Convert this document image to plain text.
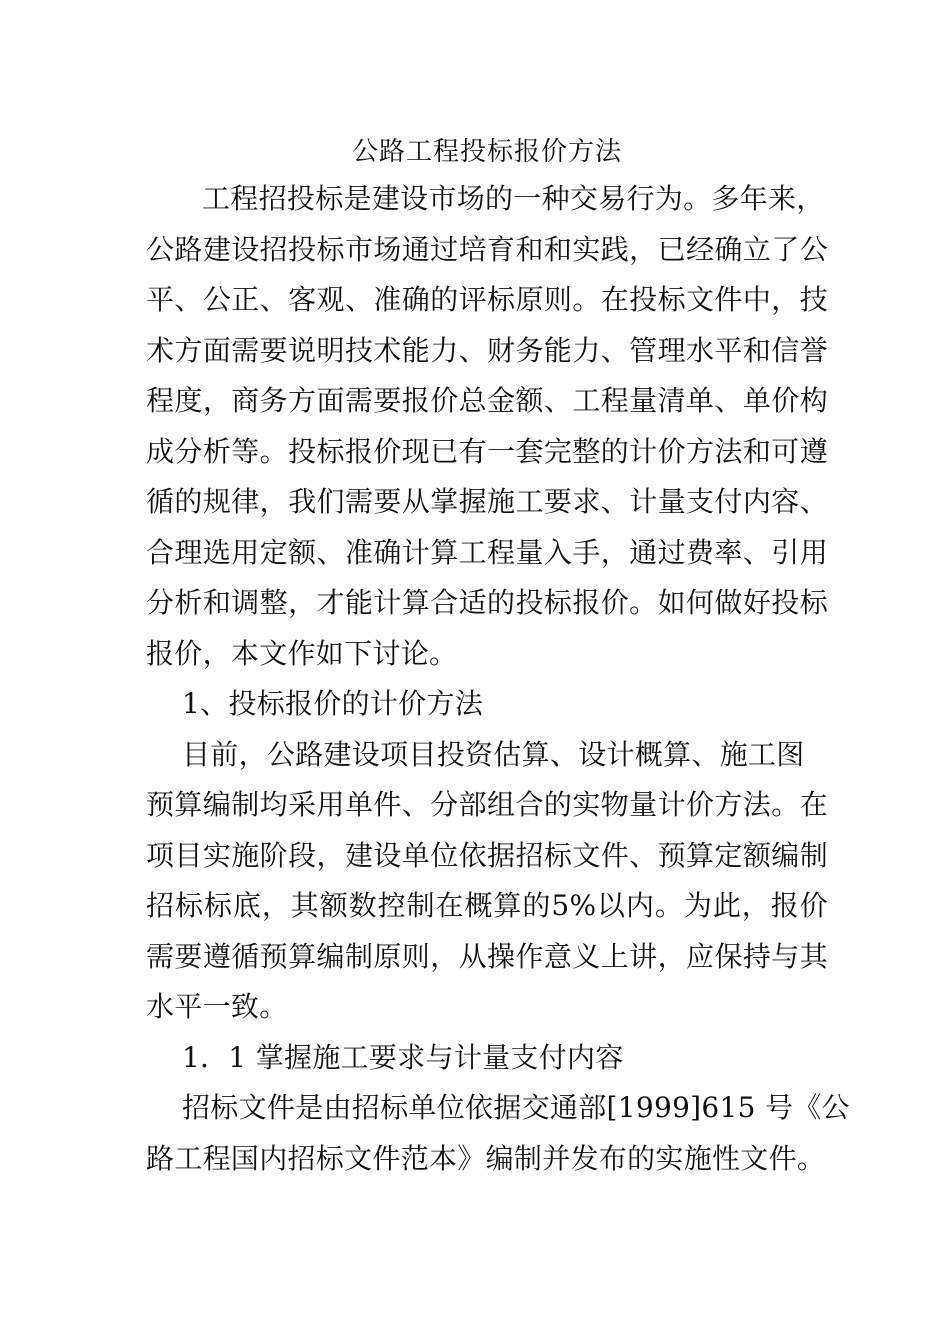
公路工程投标报价方法

工程招投标是建设市场的一种交易行为。多年来，
公路建设招投标市场通过培育和和实践，已经确立了公
平、公正、客观、准确的评标原则。在投标文件中，技
术方面需要说明技术能力、财务能力、管理水平和信誉
程度，商务方面需要报价总金额、工程量清单、单价构
成分析等。投标报价现已有一套完整的计价方法和可遵
循的规律，我们需要从掌握施工要求、计量支付内容、
合理选用定额、准确计算工程量入手，通过费率、引用
分析和调整，才能计算合适的投标报价。如何做好投标
报价，本文作如下讨论。

1、投标报价的计价方法

目前，公路建设项目投资估算、设计概算、施工图
预算编制均采用单件、分部组合的实物量计价方法。在
项目实施阶段，建设单位依据招标文件、预算定额编制
招标标底，其额数控制在概算的5%以内。为此，报价
需要遵循预算编制原则，从操作意义上讲，应保持与其
水平一致。

1．1 掌握施工要求与计量支付内容

招标文件是由招标单位依据交通部[1999]615 号《公
路工程国内招标文件范本》编制并发布的实施性文件。
